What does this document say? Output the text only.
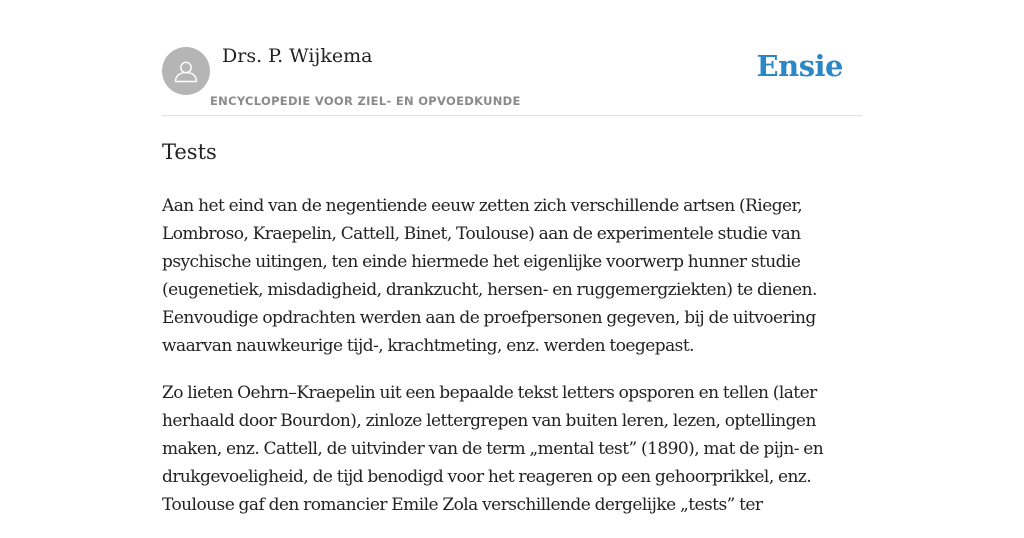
Drs. P. Wijkema
ENCYCLOPEDIE VOOR ZIEL- EN OPVOEDKUNDE
Ensie
Tests

Aan het eind van de negentiende eeuw zetten zich verschillende artsen (Rieger, Lombroso, Kraepelin, Cattell, Binet, Toulouse) aan de experimentele studie van psychische uitingen, ten einde hiermede het eigenlijke voorwerp hunner studie (eugenetiek, misdadigheid, drankzucht, hersen- en ruggemergziekten) te dienen. Eenvoudige opdrachten werden aan de proefpersonen gegeven, bij de uitvoering waarvan nauwkeurige tijd-, krachtmeting, enz. werden toegepast.

Zo lieten Oehrn–Kraepelin uit een bepaalde tekst letters opsporen en tellen (later herhaald door Bourdon), zinloze lettergrepen van buiten leren, lezen, optellingen maken, enz. Cattell, de uitvinder van de term „mental test” (1890), mat de pijn- en drukgevoeligheid, de tijd benodigd voor het reageren op een gehoorprikkel, enz. Toulouse gaf den romancier Emile Zola verschillende dergelijke „tests” ter
